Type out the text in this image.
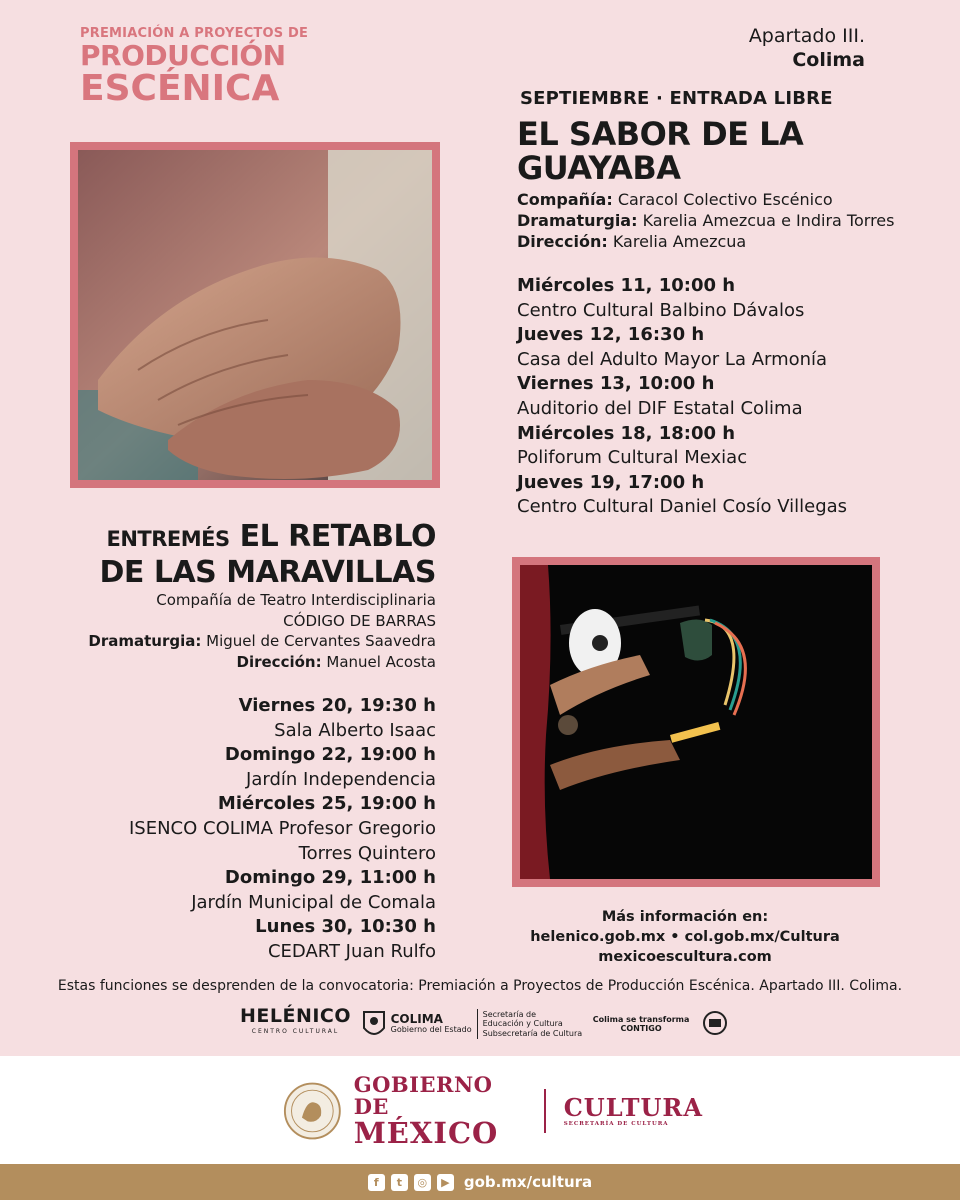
PREMIACIÓN A PROYECTOS DE
PRODUCCIÓN
ESCÉNICA
Apartado III.
Colima
SEPTIEMBRE · ENTRADA LIBRE
EL SABOR DE LA GUAYABA
Compañía: Caracol Colectivo Escénico
Dramaturgia: Karelia Amezcua e Indira Torres
Dirección: Karelia Amezcua
Miércoles 11, 10:00 h
Centro Cultural Balbino Dávalos
Jueves 12, 16:30 h
Casa del Adulto Mayor La Armonía
Viernes 13, 10:00 h
Auditorio del DIF Estatal Colima
Miércoles 18, 18:00 h
Poliforum Cultural Mexiac
Jueves 19, 17:00 h
Centro Cultural Daniel Cosío Villegas
ENTREMÉS EL RETABLO
DE LAS MARAVILLAS
Compañía de Teatro Interdisciplinaria
CÓDIGO DE BARRAS
Dramaturgia: Miguel de Cervantes Saavedra
Dirección: Manuel Acosta
Viernes 20, 19:30 h
Sala Alberto Isaac
Domingo 22, 19:00 h
Jardín Independencia
Miércoles 25, 19:00 h
ISENCO COLIMA Profesor Gregorio
Torres Quintero
Domingo 29, 11:00 h
Jardín Municipal de Comala
Lunes 30, 10:30 h
CEDART Juan Rulfo
Más información en:
helenico.gob.mx • col.gob.mx/Cultura
mexicoescultura.com
Estas funciones se desprenden de la convocatoria: Premiación a Proyectos de Producción Escénica. Apartado III. Colima.
HELÉNICO
CENTRO CULTURAL
COLIMA
Gobierno del Estado
Secretaría de
Educación y Cultura
Subsecretaría de Cultura
Colima se transforma
CONTIGO
GOBIERNO DE
MÉXICO
CULTURA
SECRETARÍA DE CULTURA
f	t	◎	▶ gob.mx/cultura
